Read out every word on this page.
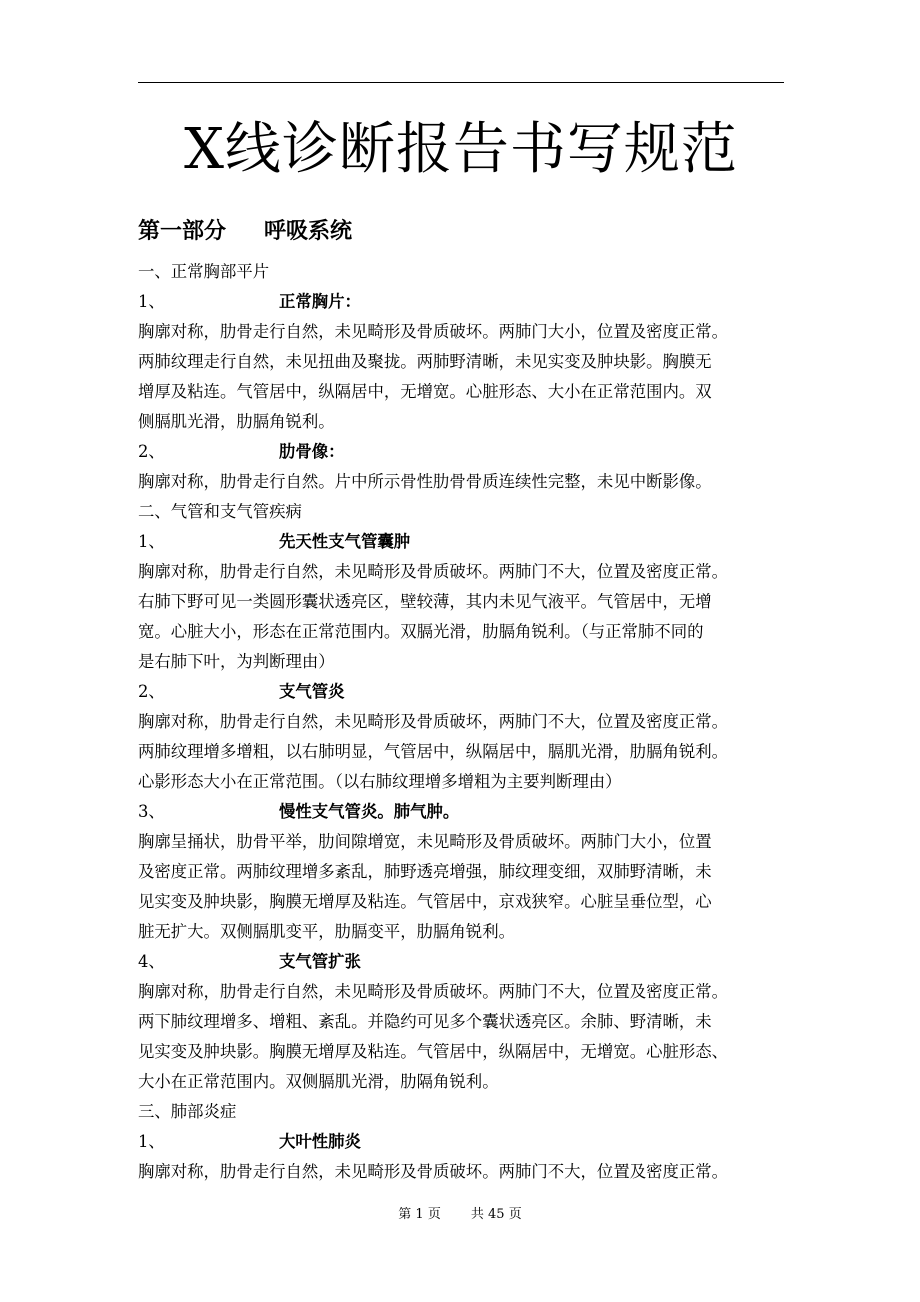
X线诊断报告书写规范
第一部分 呼吸系统
一、正常胸部平片
1、	正常胸片：
胸廓对称，肋骨走行自然，未见畸形及骨质破坏。两肺门大小，位置及密度正常。
两肺纹理走行自然，未见扭曲及聚拢。两肺野清晰，未见实变及肿块影。胸膜无
增厚及粘连。气管居中，纵隔居中，无增宽。心脏形态、大小在正常范围内。双
侧膈肌光滑，肋膈角锐利。
2、	肋骨像：
胸廓对称，肋骨走行自然。片中所示骨性肋骨骨质连续性完整，未见中断影像。
二、气管和支气管疾病
1、	先天性支气管囊肿
胸廓对称，肋骨走行自然，未见畸形及骨质破坏。两肺门不大，位置及密度正常。
右肺下野可见一类圆形囊状透亮区，壁较薄，其内未见气液平。气管居中，无增
宽。心脏大小，形态在正常范围内。双膈光滑，肋膈角锐利。（与正常肺不同的
是右肺下叶，为判断理由）
2、	支气管炎
胸廓对称，肋骨走行自然，未见畸形及骨质破坏，两肺门不大，位置及密度正常。
两肺纹理增多增粗，以右肺明显，气管居中，纵隔居中，膈肌光滑，肋膈角锐利。
心影形态大小在正常范围。（以右肺纹理增多增粗为主要判断理由）
3、	慢性支气管炎。肺气肿。
胸廓呈捅状，肋骨平举，肋间隙增宽，未见畸形及骨质破坏。两肺门大小，位置
及密度正常。两肺纹理增多紊乱，肺野透亮增强，肺纹理变细，双肺野清晰，未
见实变及肿块影，胸膜无增厚及粘连。气管居中，京戏狭窄。心脏呈垂位型，心
脏无扩大。双侧膈肌变平，肋膈变平，肋膈角锐利。
4、	支气管扩张
胸廓对称，肋骨走行自然，未见畸形及骨质破坏。两肺门不大，位置及密度正常。
两下肺纹理增多、增粗、紊乱。并隐约可见多个囊状透亮区。余肺、野清晰，未
见实变及肿块影。胸膜无增厚及粘连。气管居中，纵隔居中，无增宽。心脏形态、
大小在正常范围内。双侧膈肌光滑，肋隔角锐利。
三、肺部炎症
1、	大叶性肺炎
胸廓对称，肋骨走行自然，未见畸形及骨质破坏。两肺门不大，位置及密度正常。
第 1 页 共 45 页
